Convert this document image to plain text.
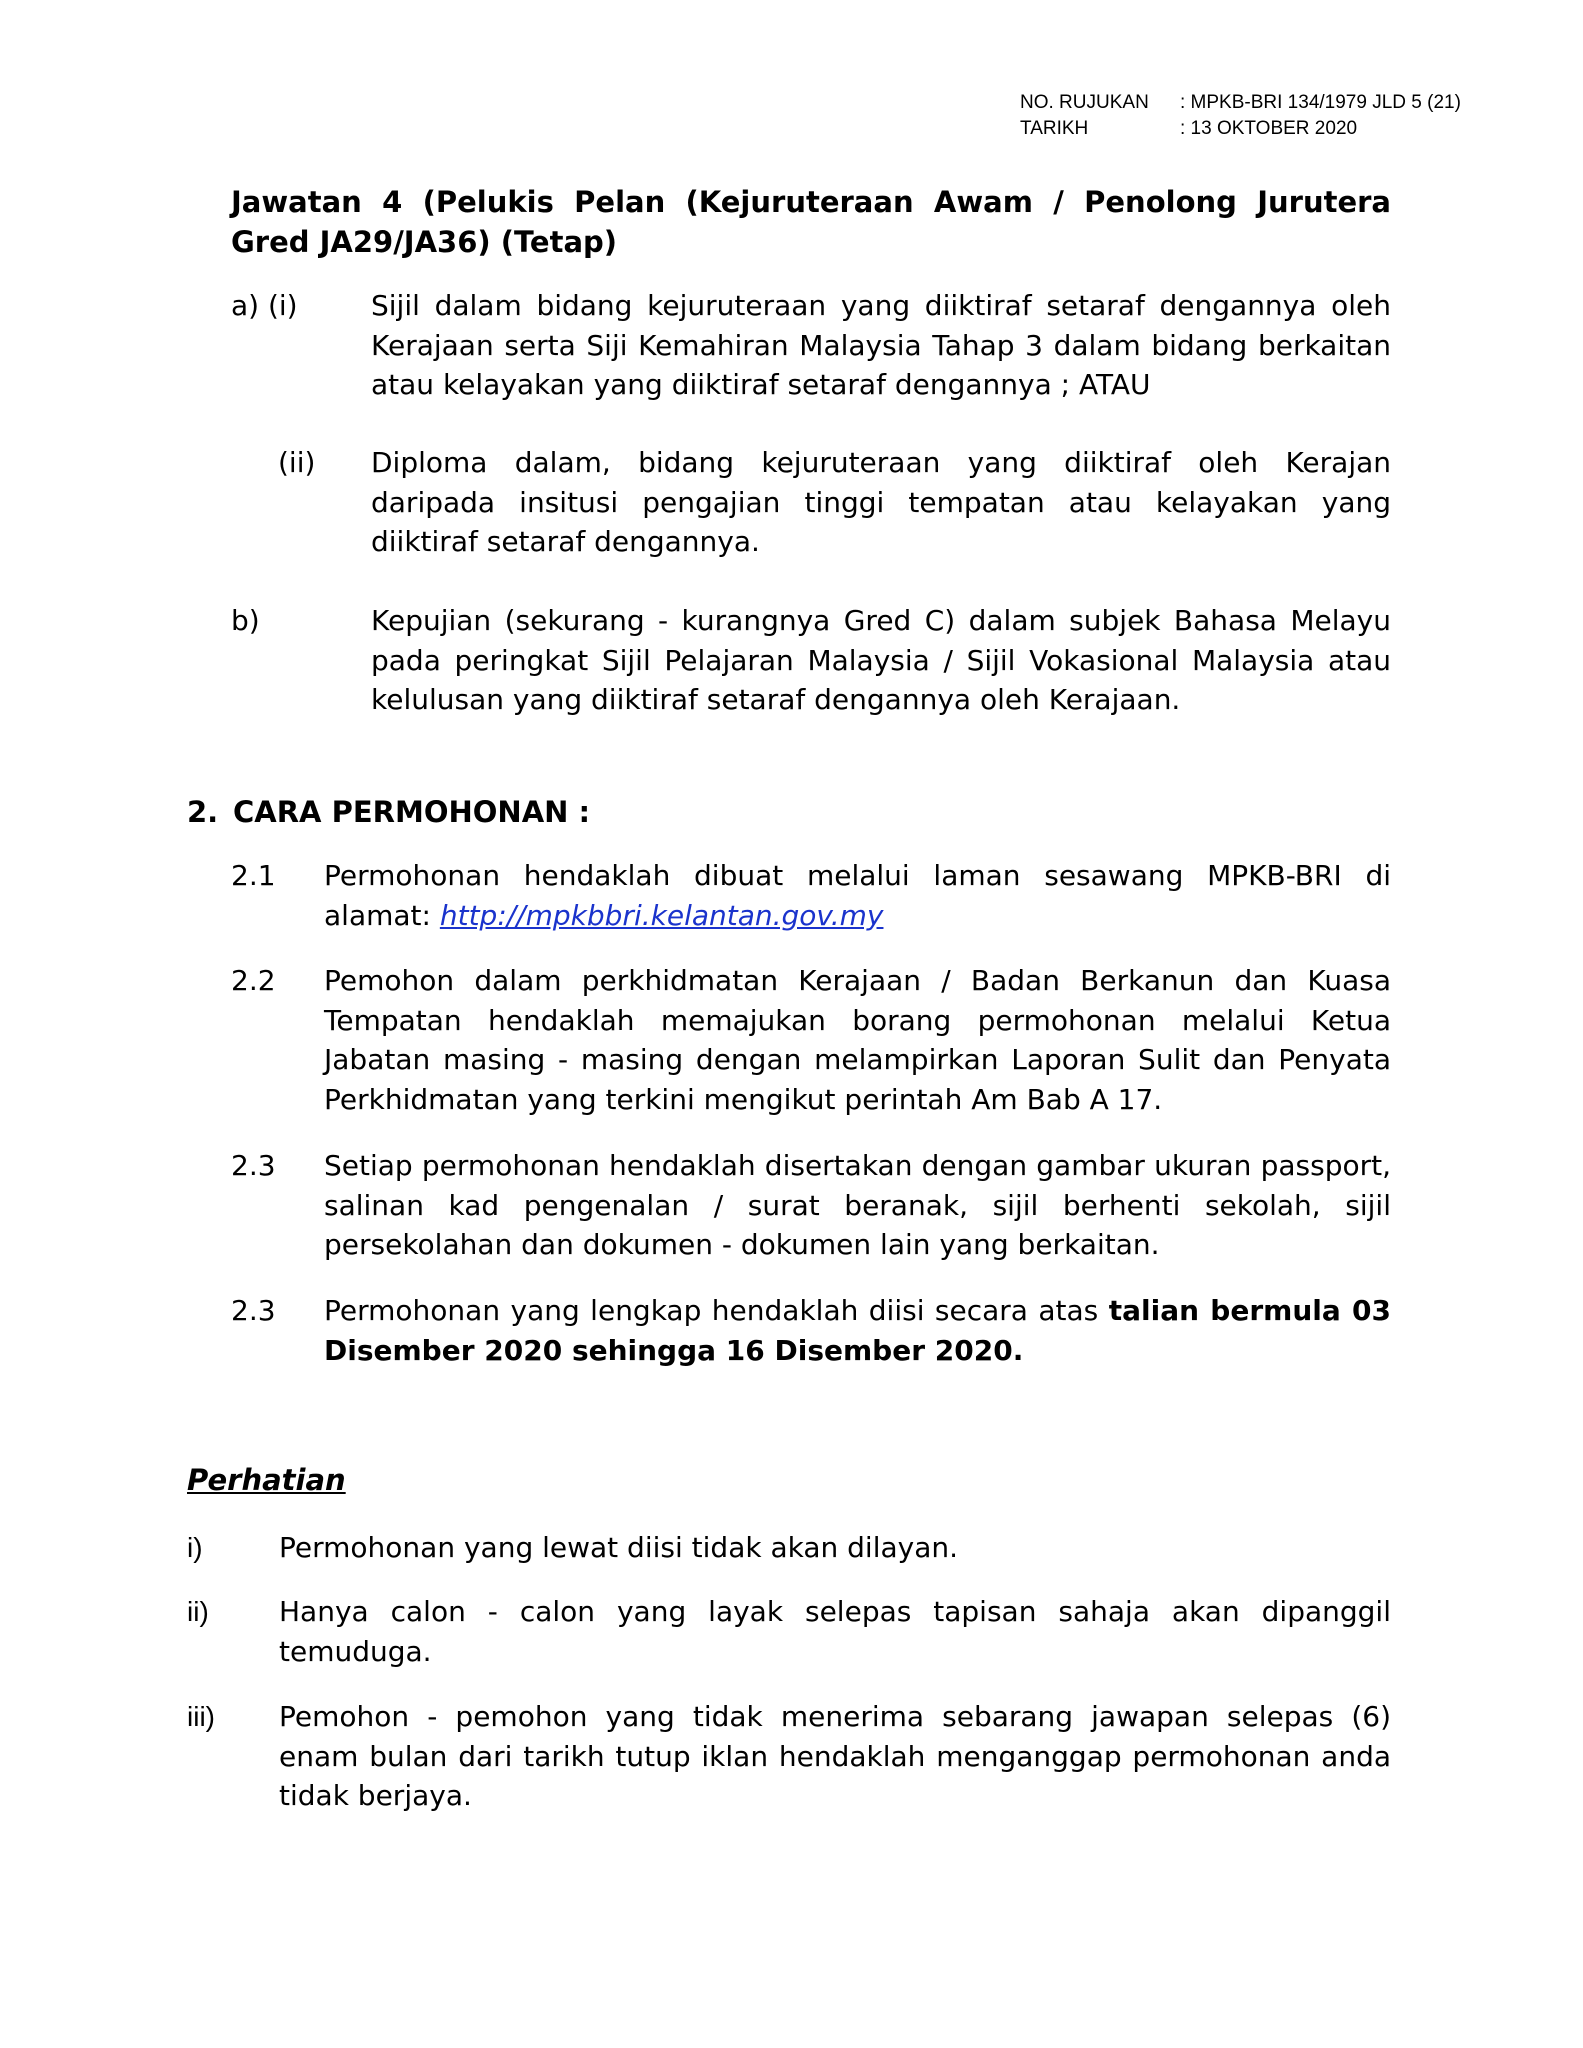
NO. RUJUKAN	: MPKB-BRI 134/1979 JLD 5 (21)
TARIKH	: 13 OKTOBER 2020
Jawatan 4 (Pelukis Pelan (Kejuruteraan Awam / Penolong Jurutera Gred JA29/JA36) (Tetap)
a) (i)	Sijil dalam bidang kejuruteraan yang diiktiraf setaraf dengannya oleh Kerajaan serta Siji Kemahiran Malaysia Tahap 3 dalam bidang berkaitan atau kelayakan yang diiktiraf setaraf dengannya ; ATAU
(ii) Diploma dalam, bidang kejuruteraan yang diiktiraf oleh Kerajan daripada insitusi pengajian tinggi tempatan atau kelayakan yang diiktiraf setaraf dengannya.
b)	Kepujian (sekurang - kurangnya Gred C) dalam subjek Bahasa Melayu pada peringkat Sijil Pelajaran Malaysia / Sijil Vokasional Malaysia atau kelulusan yang diiktiraf setaraf dengannya oleh Kerajaan.
2. CARA PERMOHONAN :
2.1 Permohonan hendaklah dibuat melalui laman sesawang MPKB-BRI di alamat: http://mpkbbri.kelantan.gov.my
2.2 Pemohon dalam perkhidmatan Kerajaan / Badan Berkanun dan Kuasa Tempatan hendaklah memajukan borang permohonan melalui Ketua Jabatan masing - masing dengan melampirkan Laporan Sulit dan Penyata Perkhidmatan yang terkini mengikut perintah Am Bab A 17.
2.3 Setiap permohonan hendaklah disertakan dengan gambar ukuran passport, salinan kad pengenalan / surat beranak, sijil berhenti sekolah, sijil persekolahan dan dokumen - dokumen lain yang berkaitan.
2.3 Permohonan yang lengkap hendaklah diisi secara atas talian bermula 03 Disember 2020 sehingga 16 Disember 2020.
Perhatian
i)	Permohonan yang lewat diisi tidak akan dilayan.
ii)	Hanya calon - calon yang layak selepas tapisan sahaja akan dipanggil temuduga.
iii) Pemohon - pemohon yang tidak menerima sebarang jawapan selepas (6) enam bulan dari tarikh tutup iklan hendaklah menganggap permohonan anda tidak berjaya.
